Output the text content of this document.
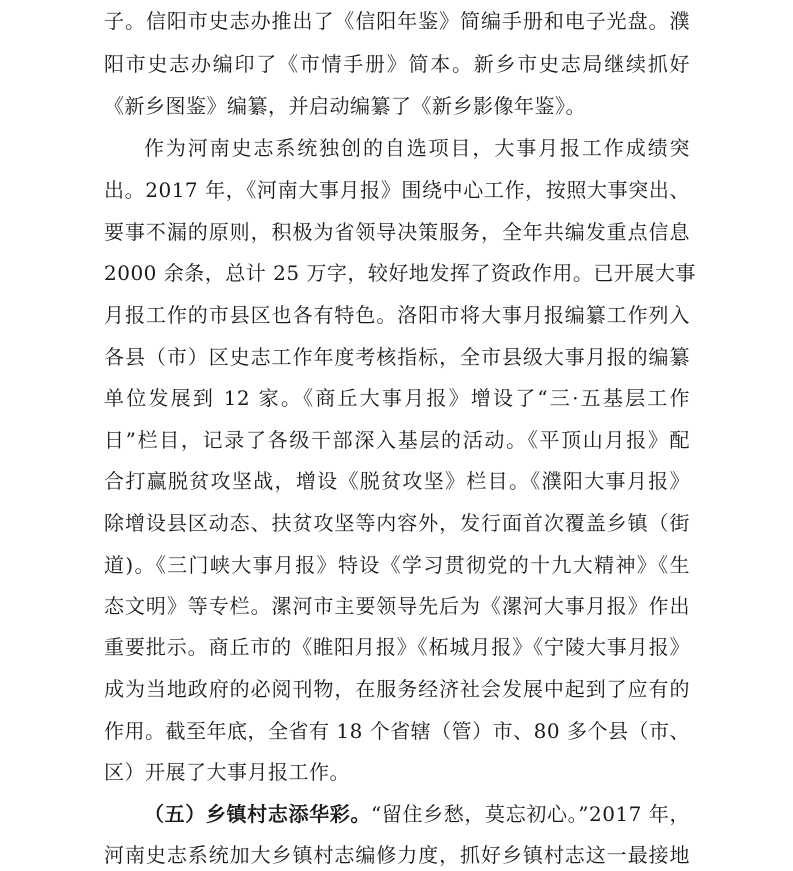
子。信阳市史志办推出了《信阳年鉴》简编手册和电子光盘。濮
阳市史志办编印了《市情手册》简本。新乡市史志局继续抓好
《新乡图鉴》编纂，并启动编纂了《新乡影像年鉴》。
作为河南史志系统独创的自选项目，大事月报工作成绩突
出。2017 年，《河南大事月报》围绕中心工作，按照大事突出、
要事不漏的原则，积极为省领导决策服务，全年共编发重点信息
2000 余条，总计 25 万字，较好地发挥了资政作用。已开展大事
月报工作的市县区也各有特色。洛阳市将大事月报编纂工作列入
各县（市）区史志工作年度考核指标，全市县级大事月报的编纂
单位发展到 12 家。《商丘大事月报》增设了“三·五基层工作
日”栏目，记录了各级干部深入基层的活动。《平顶山月报》配
合打赢脱贫攻坚战，增设《脱贫攻坚》栏目。《濮阳大事月报》
除增设县区动态、扶贫攻坚等内容外，发行面首次覆盖乡镇（街
道)。《三门峡大事月报》特设《学习贯彻党的十九大精神》《生
态文明》等专栏。漯河市主要领导先后为《漯河大事月报》作出
重要批示。商丘市的《睢阳月报》《柘城月报》《宁陵大事月报》
成为当地政府的必阅刊物，在服务经济社会发展中起到了应有的
作用。截至年底，全省有 18 个省辖（管）市、80 多个县（市、
区）开展了大事月报工作。
（五）乡镇村志添华彩。“留住乡愁，莫忘初心。”2017 年，
河南史志系统加大乡镇村志编修力度，抓好乡镇村志这一最接地
